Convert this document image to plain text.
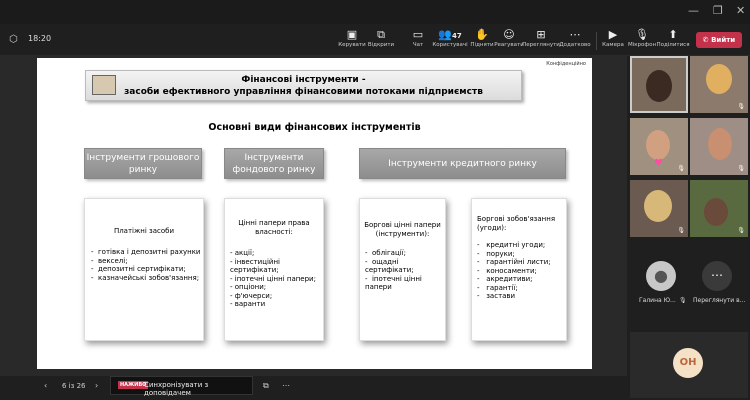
— ❐ ✕
⬡ 18:20	▣
Керувати
⧉
Відкрити
▭
Чат
👥47
Користувачі
✋
Підняти
☺
Реагувати
⊞
Переглянути
⋯
Додатково
▶
Камера
🎙
Мікрофон
⬆
Поділитися
✆ Вийти
Конфіденційно
Фінансові інструменти -
засоби ефективного управління фінансовими потоками підприємств
Основні види фінансових інструментів
Інструменти грошового ринку
Інструменти фондового ринку
Інструменти кредитного ринку
Платіжні засоби
-  готівка і депозитні рахунки
-  векселі;
-  депозитні сертифікати;
-  казначейські зобов'язання;
Цінні папери права власності:
- акції;
- інвестиційні сертифікати;
- іпотечні цінні папери;
- опціони;
- ф'ючерси;
- варанти
Боргові цінні папери (інструменти):
-  облігації;
-  ощадні сертифікати;
-  іпотечні цінні папери
Боргові зобов'язання (угоди):
-   кредитні угоди;
-   поруки;
-   гарантійні листи;
-   коносаменти;
-   акредитиви;
-   гарантії;
-   застави
‹ 6 із 26 ›	⧉ ⋯
НАЖИВО
Синхронізувати з доповідачем
🎙
♥ 🎙	🎙
🎙	🎙
●
Галина Ю... 🎙
⋯
Переглянути в...
ОН
